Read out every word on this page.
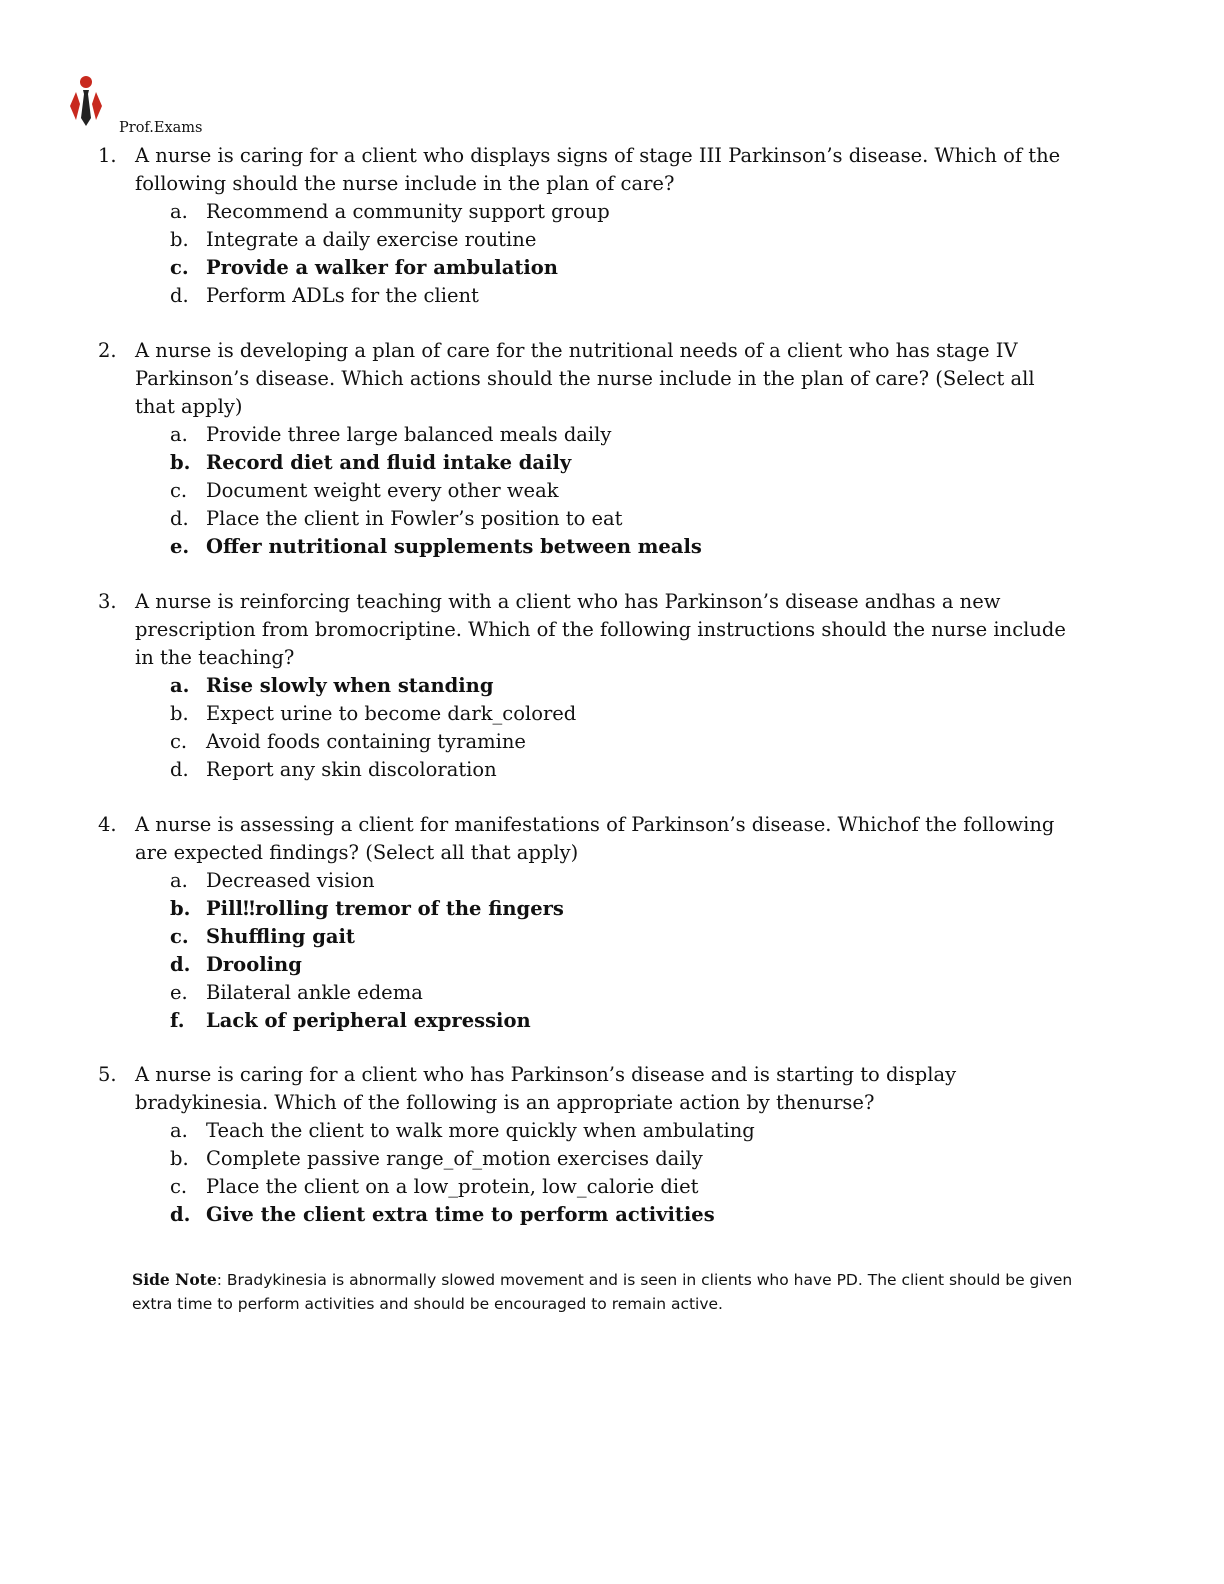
Prof.Exams
1. A nurse is caring for a client who displays signs of stage III Parkinson’s disease. Which of the following should the nurse include in the plan of care?
a. Recommend a community support group
b. Integrate a daily exercise routine
c. Provide a walker for ambulation
d. Perform ADLs for the client
2. A nurse is developing a plan of care for the nutritional needs of a client who has stage IV Parkinson’s disease. Which actions should the nurse include in the plan of care? (Select all that apply)
a. Provide three large balanced meals daily
b. Record diet and fluid intake daily
c. Document weight every other weak
d. Place the client in Fowler’s position to eat
e. Offer nutritional supplements between meals
3. A nurse is reinforcing teaching with a client who has Parkinson’s disease andhas a new prescription from bromocriptine. Which of the following instructions should the nurse include in the teaching?
a. Rise slowly when standing
b. Expect urine to become dark_colored
c. Avoid foods containing tyramine
d. Report any skin discoloration
4. A nurse is assessing a client for manifestations of Parkinson’s disease. Whichof the following are expected findings? (Select all that apply)
a. Decreased vision
b. Pill‼rolling tremor of the fingers
c. Shuffling gait
d. Drooling
e. Bilateral ankle edema
f.	Lack of peripheral expression
5. A nurse is caring for a client who has Parkinson’s disease and is starting to display bradykinesia. Which of the following is an appropriate action by thenurse?
a. Teach the client to walk more quickly when ambulating
b. Complete passive range_of_motion exercises daily
c. Place the client on a low_protein, low_calorie diet
d. Give the client extra time to perform activities
Side Note: Bradykinesia is abnormally slowed movement and is seen in clients who have PD. The client should be given extra time to perform activities and should be encouraged to remain active.
